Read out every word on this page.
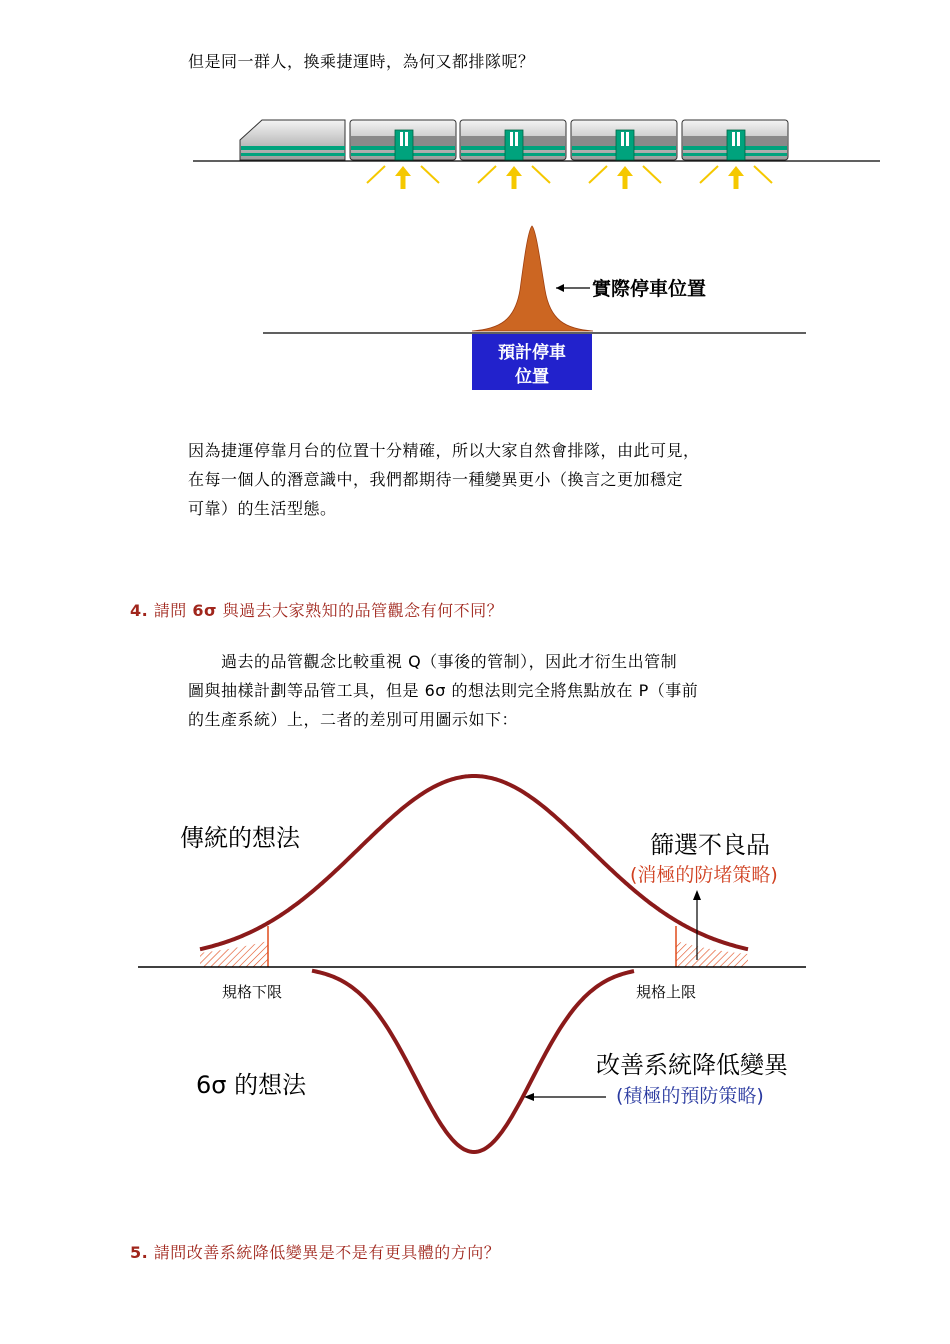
但是同一群人，換乘捷運時，為何又都排隊呢？
實際停車位置
預計停車
位置
因為捷運停靠月台的位置十分精確，所以大家自然會排隊，由此可見，
在每一個人的潛意識中，我們都期待一種變異更小（換言之更加穩定
可靠）的生活型態。
4. 請問 6σ 與過去大家熟知的品管觀念有何不同？
　　過去的品管觀念比較重視 Q（事後的管制），因此才衍生出管制
圖與抽樣計劃等品管工具，但是 6σ 的想法則完全將焦點放在 P（事前
的生產系統）上，二者的差別可用圖示如下：
傳統的想法	篩選不良品
(消極的防堵策略)
規格下限	規格上限
6σ 的想法
改善系統降低變異
(積極的預防策略)
5. 請問改善系統降低變異是不是有更具體的方向？
